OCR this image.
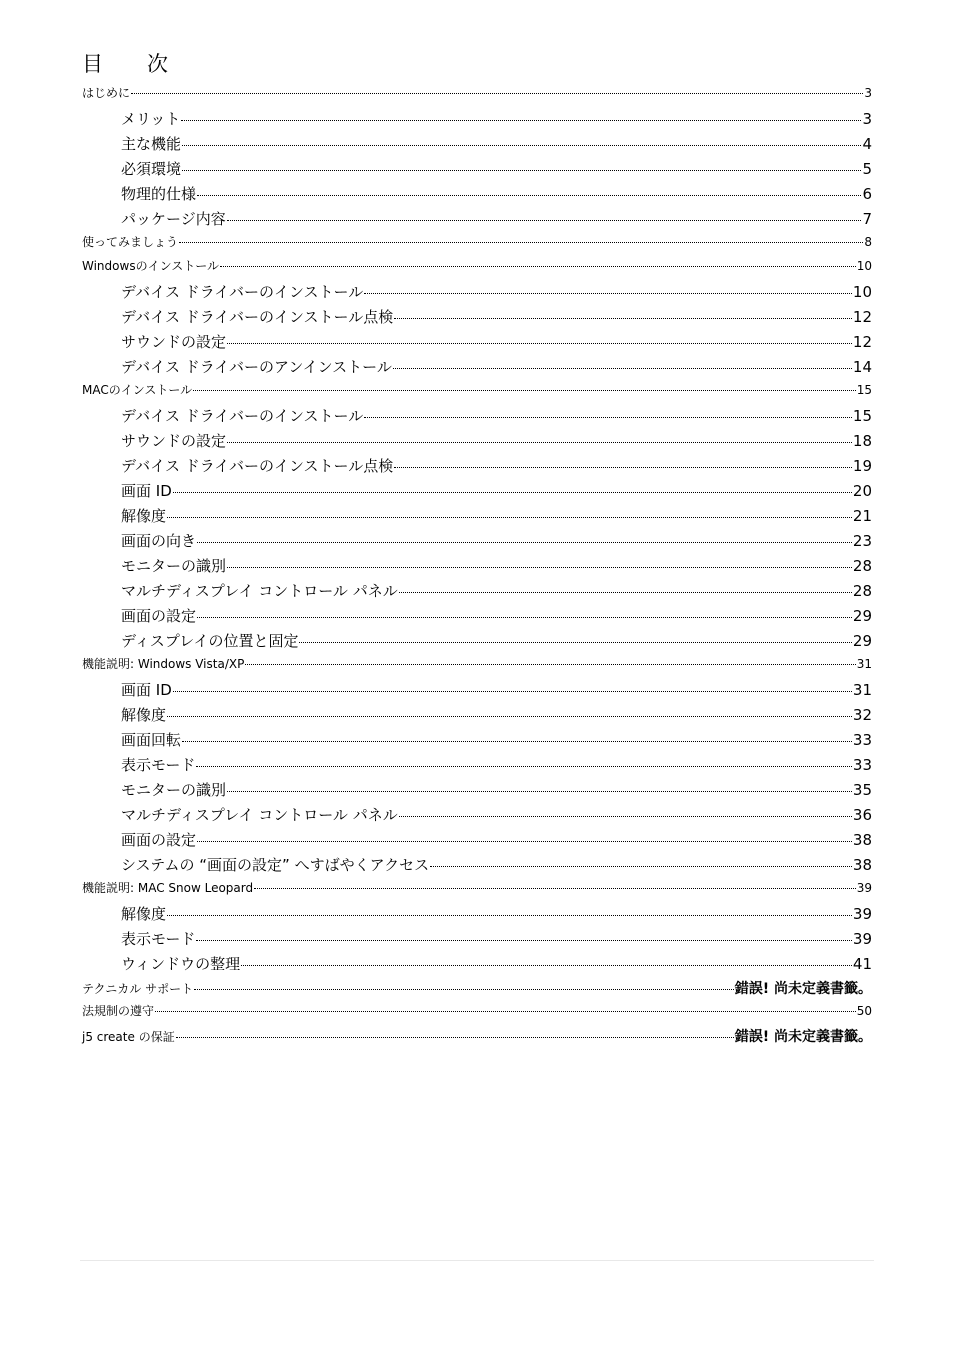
目次
はじめに	3
メリット	3
主な機能	4
必須環境	5
物理的仕様	6
パッケージ内容	7
使ってみましょう	8
Windowsのインストール	10
デバイス ドライバーのインストール	10
デバイス ドライバーのインストール点検	12
サウンドの設定	12
デバイス ドライバーのアンインストール	14
MACのインストール	15
デバイス ドライバーのインストール	15
サウンドの設定	18
デバイス ドライバーのインストール点検	19
画面 ID	20
解像度	21
画面の向き	23
モニターの識別	28
マルチディスプレイ コントロール パネル	28
画面の設定	29
ディスプレイの位置と固定	29
機能説明: Windows Vista/XP	31
画面 ID	31
解像度	32
画面回転	33
表示モード	33
モニターの識別	35
マルチディスプレイ コントロール パネル	36
画面の設定	38
システムの “画面の設定” へすばやくアクセス	38
機能説明: MAC Snow Leopard	39
解像度	39
表示モード	39
ウィンドウの整理	41
テクニカル サポート	錯誤! 尚未定義書籤。
法規制の遵守	50
j5 create の保証	錯誤! 尚未定義書籤。
